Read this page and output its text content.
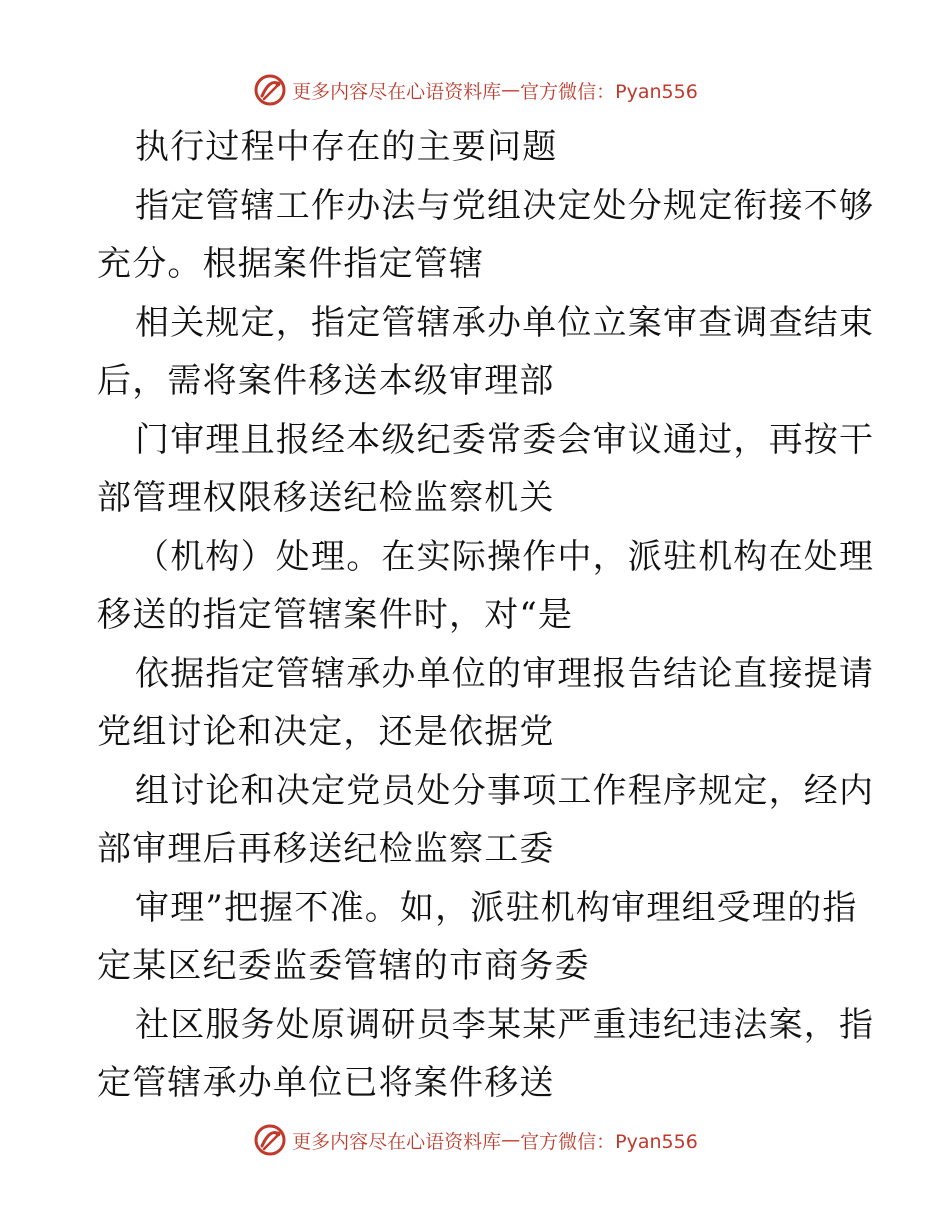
更多内容尽在心语资料库 — 官方微信：Pyan556
执行过程中存在的主要问题
指定管辖工作办法与党组决定处分规定衔接不够
充分。根据案件指定管辖
相关规定，指定管辖承办单位立案审查调查结束
后，需将案件移送本级审理部
门审理且报经本级纪委常委会审议通过，再按干
部管理权限移送纪检监察机关
（机构）处理。在实际操作中，派驻机构在处理
移送的指定管辖案件时，对“是
依据指定管辖承办单位的审理报告结论直接提请
党组讨论和决定，还是依据党
组讨论和决定党员处分事项工作程序规定，经内
部审理后再移送纪检监察工委
审理”把握不准。如，派驻机构审理组受理的指
定某区纪委监委管辖的市商务委
社区服务处原调研员李某某严重违纪违法案，指
定管辖承办单位已将案件移送
更多内容尽在心语资料库 — 官方微信：Pyan556
